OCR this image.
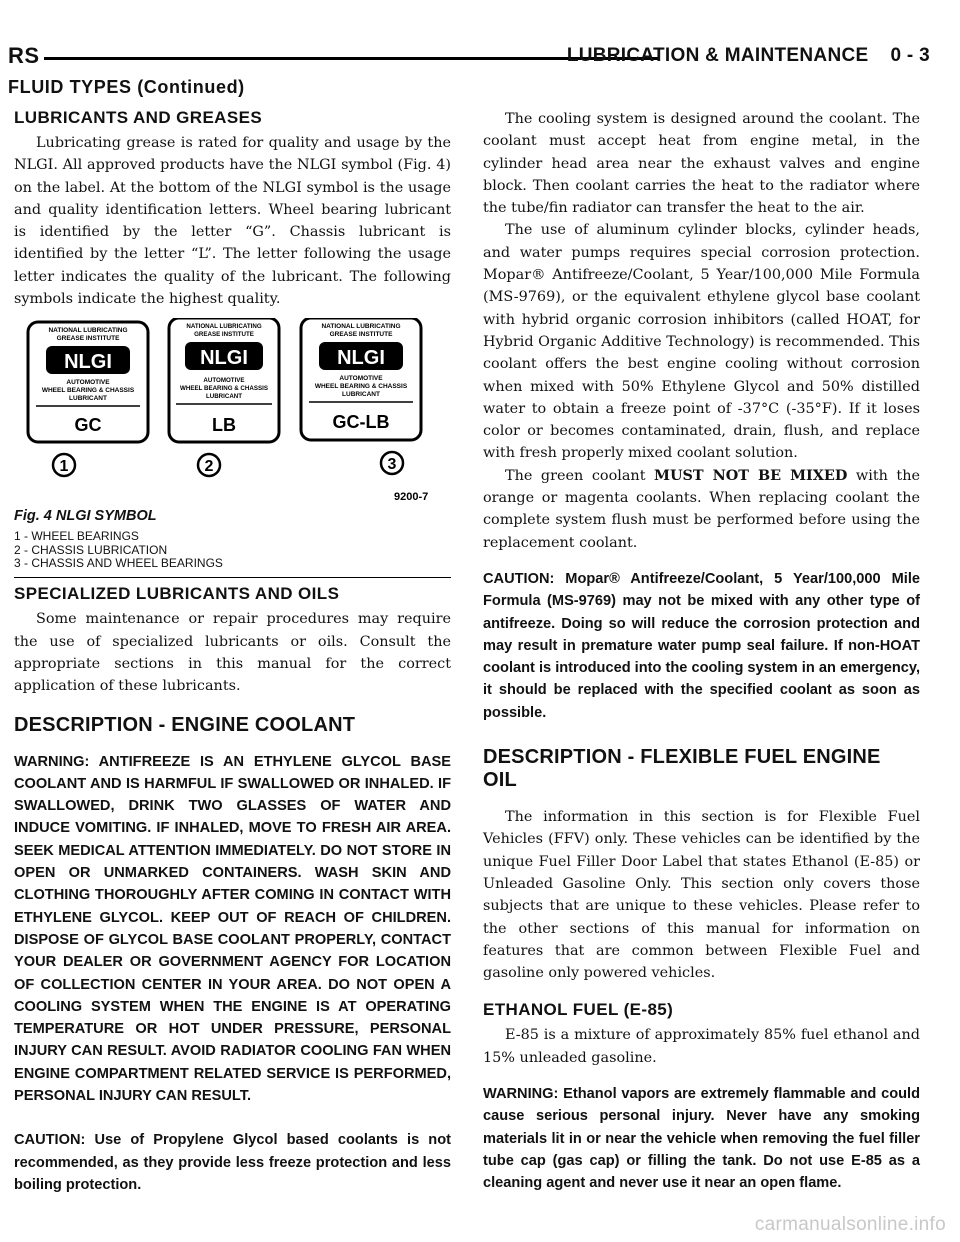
RS	LUBRICATION & MAINTENANCE 0 - 3
FLUID TYPES (Continued)
LUBRICANTS AND GREASES

Lubricating grease is rated for quality and usage by the NLGI. All approved products have the NLGI symbol (Fig. 4) on the label. At the bottom of the NLGI symbol is the usage and quality identification letters. Wheel bearing lubricant is identified by the letter “G”. Chassis lubricant is identified by the letter “L”. The letter following the usage letter indicates the quality of the lubricant. The following symbols indicate the highest quality.

NATIONAL LUBRICATING
GREASE INSTITUTE
NLGI
AUTOMOTIVE
WHEEL BEARING & CHASSIS
LUBRICANT
GC
1
NATIONAL LUBRICATING
GREASE INSTITUTE
NLGI
AUTOMOTIVE
WHEEL BEARING & CHASSIS
LUBRICANT
LB
2
NATIONAL LUBRICATING
GREASE INSTITUTE
NLGI
AUTOMOTIVE
WHEEL BEARING & CHASSIS
LUBRICANT
GC-LB
3
9200-7
Fig. 4 NLGI SYMBOL
1 - WHEEL BEARINGS
2 - CHASSIS LUBRICATION
3 - CHASSIS AND WHEEL BEARINGS
SPECIALIZED LUBRICANTS AND OILS

Some maintenance or repair procedures may require the use of specialized lubricants or oils. Consult the appropriate sections in this manual for the correct application of these lubricants.

DESCRIPTION - ENGINE COOLANT

WARNING: ANTIFREEZE IS AN ETHYLENE GLYCOL BASE COOLANT AND IS HARMFUL IF SWALLOWED OR INHALED. IF SWALLOWED, DRINK TWO GLASSES OF WATER AND INDUCE VOMITING. IF INHALED, MOVE TO FRESH AIR AREA. SEEK MEDICAL ATTENTION IMMEDIATELY. DO NOT STORE IN OPEN OR UNMARKED CONTAINERS. WASH SKIN AND CLOTHING THOROUGHLY AFTER COMING IN CONTACT WITH ETHYLENE GLYCOL. KEEP OUT OF REACH OF CHILDREN. DISPOSE OF GLYCOL BASE COOLANT PROPERLY, CONTACT YOUR DEALER OR GOVERNMENT AGENCY FOR LOCATION OF COLLECTION CENTER IN YOUR AREA. DO NOT OPEN A COOLING SYSTEM WHEN THE ENGINE IS AT OPERATING TEMPERATURE OR HOT UNDER PRESSURE, PERSONAL INJURY CAN RESULT. AVOID RADIATOR COOLING FAN WHEN ENGINE COMPARTMENT RELATED SERVICE IS PERFORMED, PERSONAL INJURY CAN RESULT.

CAUTION: Use of Propylene Glycol based coolants is not recommended, as they provide less freeze protection and less boiling protection.

The cooling system is designed around the coolant. The coolant must accept heat from engine metal, in the cylinder head area near the exhaust valves and engine block. Then coolant carries the heat to the radiator where the tube/fin radiator can transfer the heat to the air.

The use of aluminum cylinder blocks, cylinder heads, and water pumps requires special corrosion protection. Mopar® Antifreeze/Coolant, 5 Year/100,000 Mile Formula (MS-9769), or the equivalent ethylene glycol base coolant with hybrid organic corrosion inhibitors (called HOAT, for Hybrid Organic Additive Technology) is recommended. This coolant offers the best engine cooling without corrosion when mixed with 50% Ethylene Glycol and 50% distilled water to obtain a freeze point of -37°C (-35°F). If it loses color or becomes contaminated, drain, flush, and replace with fresh properly mixed coolant solution.

The green coolant MUST NOT BE MIXED with the orange or magenta coolants. When replacing coolant the complete system flush must be performed before using the replacement coolant.

CAUTION: Mopar® Antifreeze/Coolant, 5 Year/100,000 Mile Formula (MS-9769) may not be mixed with any other type of antifreeze. Doing so will reduce the corrosion protection and may result in premature water pump seal failure. If non-HOAT coolant is introduced into the cooling system in an emergency, it should be replaced with the specified coolant as soon as possible.

DESCRIPTION - FLEXIBLE FUEL ENGINE OIL

The information in this section is for Flexible Fuel Vehicles (FFV) only. These vehicles can be identified by the unique Fuel Filler Door Label that states Ethanol (E-85) or Unleaded Gasoline Only. This section only covers those subjects that are unique to these vehicles. Please refer to the other sections of this manual for information on features that are common between Flexible Fuel and gasoline only powered vehicles.

ETHANOL FUEL (E-85)

E-85 is a mixture of approximately 85% fuel ethanol and 15% unleaded gasoline.

WARNING: Ethanol vapors are extremely flammable and could cause serious personal injury. Never have any smoking materials lit in or near the vehicle when removing the fuel filler tube cap (gas cap) or filling the tank. Do not use E-85 as a cleaning agent and never use it near an open flame.

carmanualsonline.info
